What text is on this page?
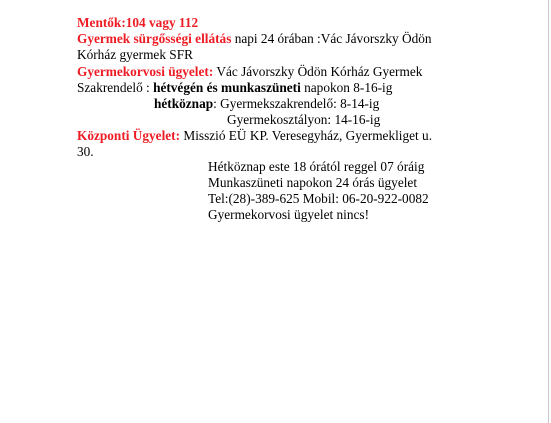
Mentők:104 vagy 112
Gyermek sürgősségi ellátás napi 24 órában :Vác Jávorszky Ödön
Kórház gyermek SFR
Gyermekorvosi ügyelet: Vác Jávorszky Ödön Kórház Gyermek
Szakrendelő : hétvégén és munkaszüneti napokon 8-16-ig
hétköznap: Gyermekszakrendelő: 8-14-ig
Gyermekosztályon: 14-16-ig
Központi Ügyelet: Misszió EÜ KP. Veresegyház, Gyermekliget u.
30.
Hétköznap este 18 órától reggel 07 óráig
Munkaszüneti napokon 24 órás ügyelet
Tel:(28)-389-625 Mobil: 06-20-922-0082
Gyermekorvosi ügyelet nincs!
